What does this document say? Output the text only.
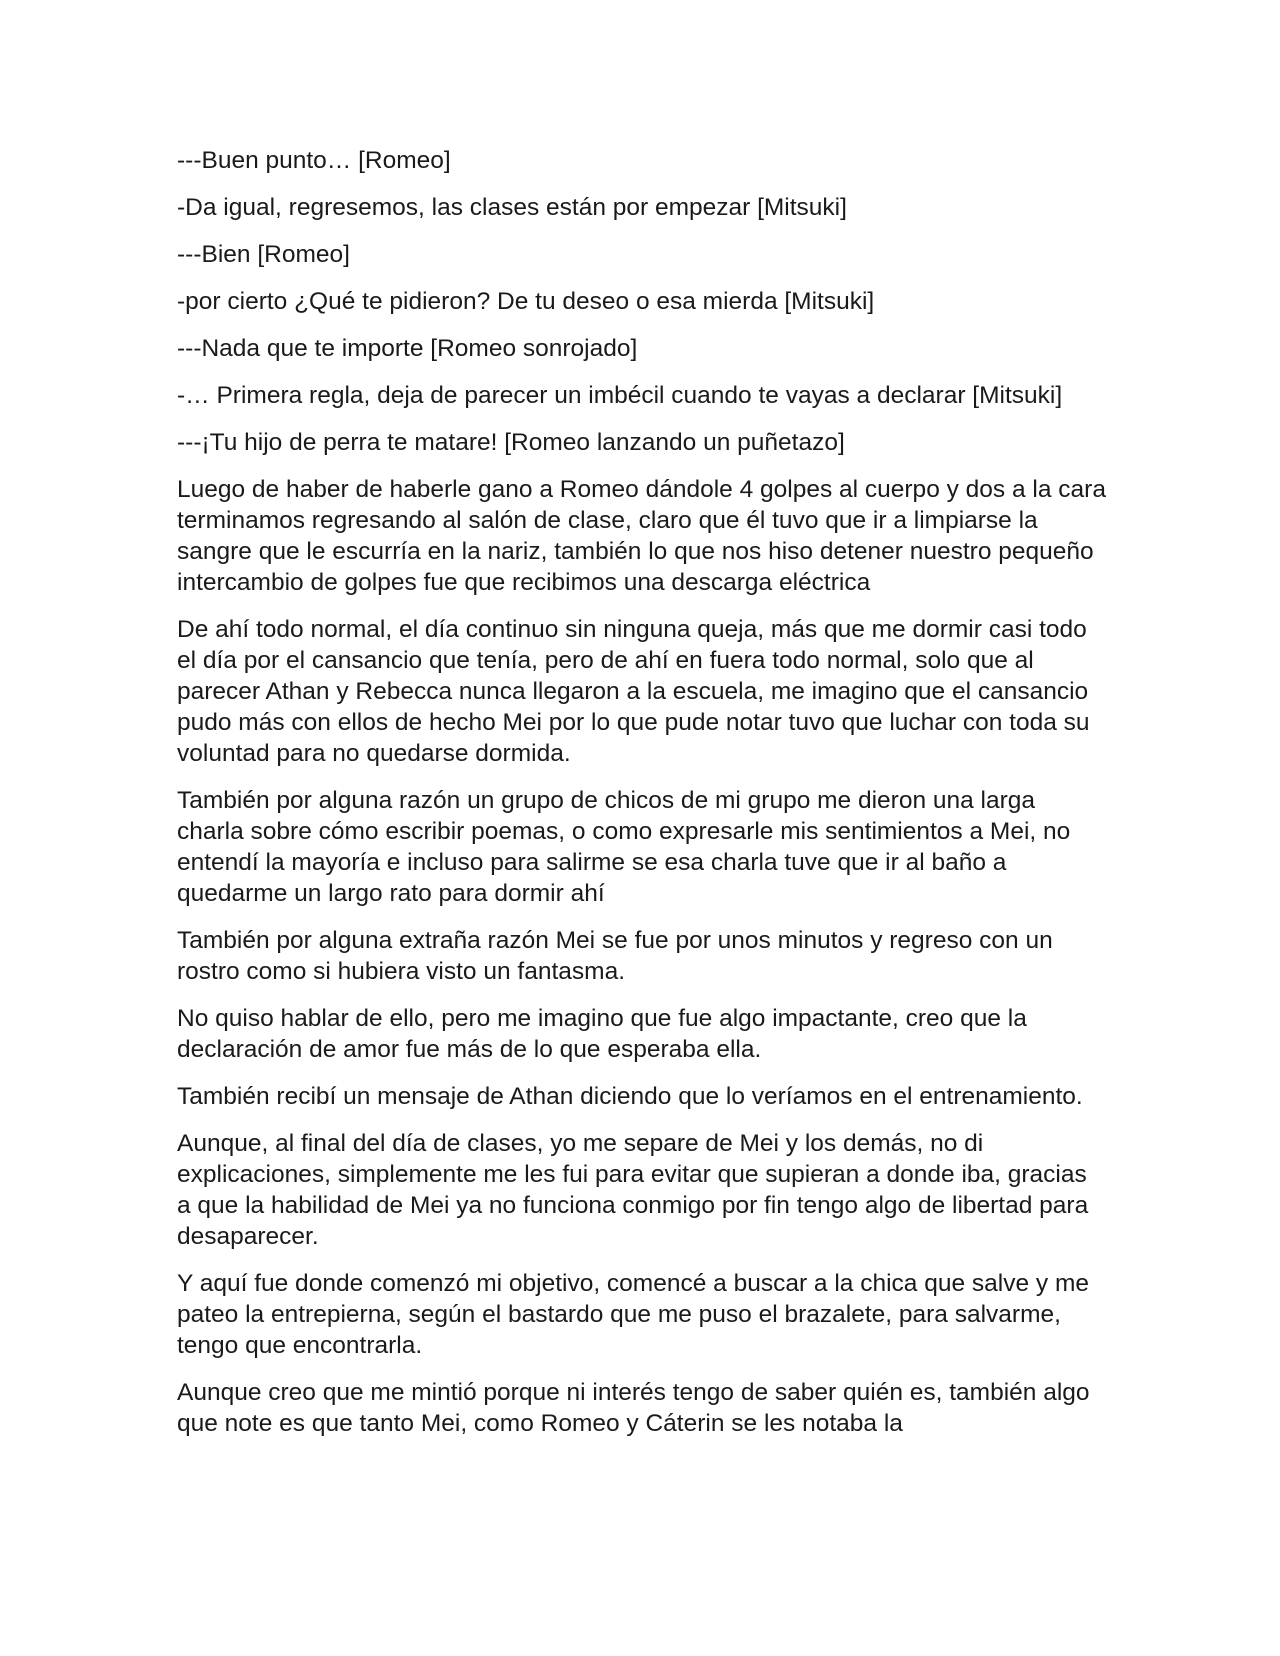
---Buen punto… [Romeo]

-Da igual, regresemos, las clases están por empezar [Mitsuki]

---Bien [Romeo]

-por cierto ¿Qué te pidieron? De tu deseo o esa mierda [Mitsuki]

---Nada que te importe [Romeo sonrojado]

-… Primera regla, deja de parecer un imbécil cuando te vayas a declarar [Mitsuki]

---¡Tu hijo de perra te matare! [Romeo lanzando un puñetazo]

Luego de haber de haberle gano a Romeo dándole 4 golpes al cuerpo y dos a la cara terminamos regresando al salón de clase, claro que él tuvo que ir a limpiarse la sangre que le escurría en la nariz, también lo que nos hiso detener nuestro pequeño intercambio de golpes fue que recibimos una descarga eléctrica

De ahí todo normal, el día continuo sin ninguna queja, más que me dormir casi todo el día por el cansancio que tenía, pero de ahí en fuera todo normal, solo que al parecer Athan y Rebecca nunca llegaron a la escuela, me imagino que el cansancio pudo más con ellos de hecho Mei por lo que pude notar tuvo que luchar con toda su voluntad para no quedarse dormida.

También por alguna razón un grupo de chicos de mi grupo me dieron una larga charla sobre cómo escribir poemas, o como expresarle mis sentimientos a Mei, no entendí la mayoría e incluso para salirme se esa charla tuve que ir al baño a quedarme un largo rato para dormir ahí

También por alguna extraña razón Mei se fue por unos minutos y regreso con un rostro como si hubiera visto un fantasma.

No quiso hablar de ello, pero me imagino que fue algo impactante, creo que la declaración de amor fue más de lo que esperaba ella.

También recibí un mensaje de Athan diciendo que lo veríamos en el entrenamiento.

Aunque, al final del día de clases, yo me separe de Mei y los demás, no di explicaciones, simplemente me les fui para evitar que supieran a donde iba, gracias a que la habilidad de Mei ya no funciona conmigo por fin tengo algo de libertad para desaparecer.

Y aquí fue donde comenzó mi objetivo, comencé a buscar a la chica que salve y me pateo la entrepierna, según el bastardo que me puso el brazalete, para salvarme, tengo que encontrarla.

Aunque creo que me mintió porque ni interés tengo de saber quién es, también algo que note es que tanto Mei, como Romeo y Cáterin se les notaba la
